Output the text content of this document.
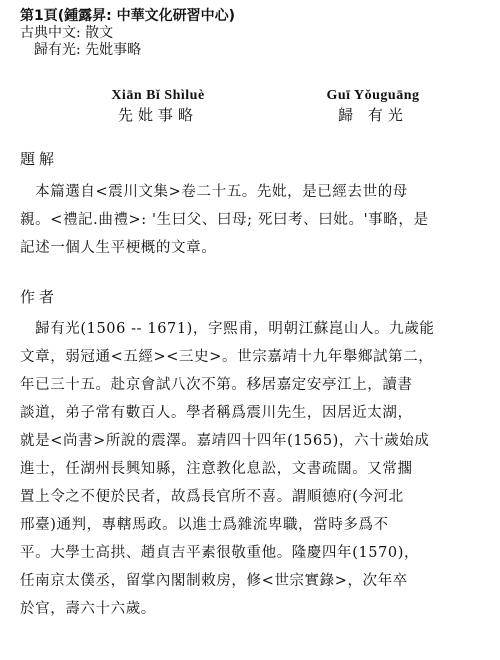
第1頁(鍾露昇: 中華文化研習中心)
古典中文: 散文
歸有光: 先妣事略
Xiān Bǐ Shìluè
先妣事略
Guī Yǒuguāng
歸 有光
題解
　本篇選自<震川文集>卷二十五。先妣，是已經去世的母
親。<禮記.曲禮>: '生曰父、曰母; 死曰考、曰妣。'事略，是
記述一個人生平梗概的文章。
作者
　歸有光(1506 -- 1671)，字熙甫，明朝江蘇崑山人。九歲能
文章，弱冠通<五經><三史>。世宗嘉靖十九年舉鄉試第二，
年已三十五。赴京會試八次不第。移居嘉定安亭江上，讀書
談道，弟子常有數百人。學者稱爲震川先生，因居近太湖，
就是<尚書>所說的震澤。嘉靖四十四年(1565)，六十歲始成
進士，任湖州長興知縣，注意教化息訟，文書疏闊。又常擱
置上令之不便於民者，故爲長官所不喜。謂順德府(今河北
邢臺)通判，專轄馬政。以進士爲雜流卑職，當時多爲不
平。大學士高拱、趙貞吉平素很敬重他。隆慶四年(1570)，
任南京太僕丞，留掌內閣制敕房，修<世宗實錄>，次年卒
於官，壽六十六歲。
